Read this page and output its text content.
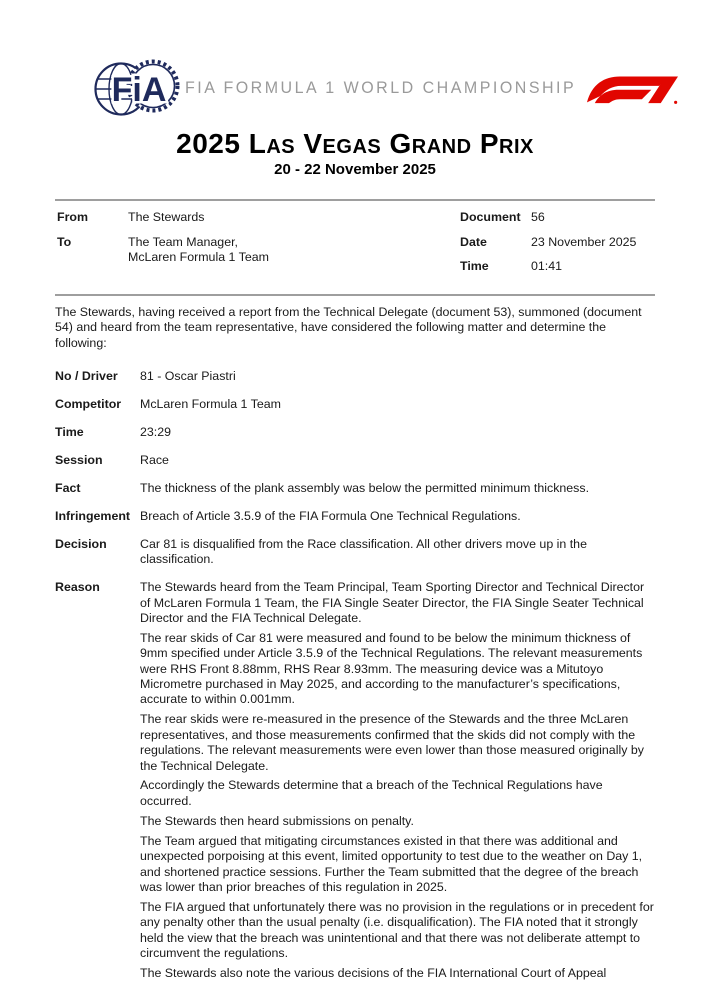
FiA FIA FORMULA 1 WORLD CHAMPIONSHIP
2025 Las Vegas Grand Prix
20 - 22 November 2025
From	The Stewards
To	The Team Manager,
McLaren Formula 1 Team
Document 56
Date	23 November 2025
Time	01:41

The Stewards, having received a report from the Technical Delegate (document 53), summoned (document 54) and heard from the team representative, have considered the following matter and determine the following:

No / Driver	81 - Oscar Piastri
Competitor	McLaren Formula 1 Team
Time	23:29
Session	Race
Fact	The thickness of the plank assembly was below the permitted minimum thickness.
Infringement Breach of Article 3.5.9 of the FIA Formula One Technical Regulations.
Decision	Car 81 is disqualified from the Race classification. All other drivers move up in the classification.
Reason	The Stewards heard from the Team Principal, Team Sporting Director and Technical Director of McLaren Formula 1 Team, the FIA Single Seater Director, the FIA Single Seater Technical Director and the FIA Technical Delegate.

The rear skids of Car 81 were measured and found to be below the minimum thickness of 9mm specified under Article 3.5.9 of the Technical Regulations. The relevant measurements were RHS Front 8.88mm, RHS Rear 8.93mm. The measuring device was a Mitutoyo Micrometre purchased in May 2025, and according to the manufacturer’s specifications, accurate to within 0.001mm.

The rear skids were re-measured in the presence of the Stewards and the three McLaren representatives, and those measurements confirmed that the skids did not comply with the regulations. The relevant measurements were even lower than those measured originally by the Technical Delegate.

Accordingly the Stewards determine that a breach of the Technical Regulations have occurred.

The Stewards then heard submissions on penalty.

The Team argued that mitigating circumstances existed in that there was additional and unexpected porpoising at this event, limited opportunity to test due to the weather on Day 1, and shortened practice sessions. Further the Team submitted that the degree of the breach was lower than prior breaches of this regulation in 2025.

The FIA argued that unfortunately there was no provision in the regulations or in precedent for any penalty other than the usual penalty (i.e. disqualification). The FIA noted that it strongly held the view that the breach was unintentional and that there was not deliberate attempt to circumvent the regulations.

The Stewards also note the various decisions of the FIA International Court of Appeal
